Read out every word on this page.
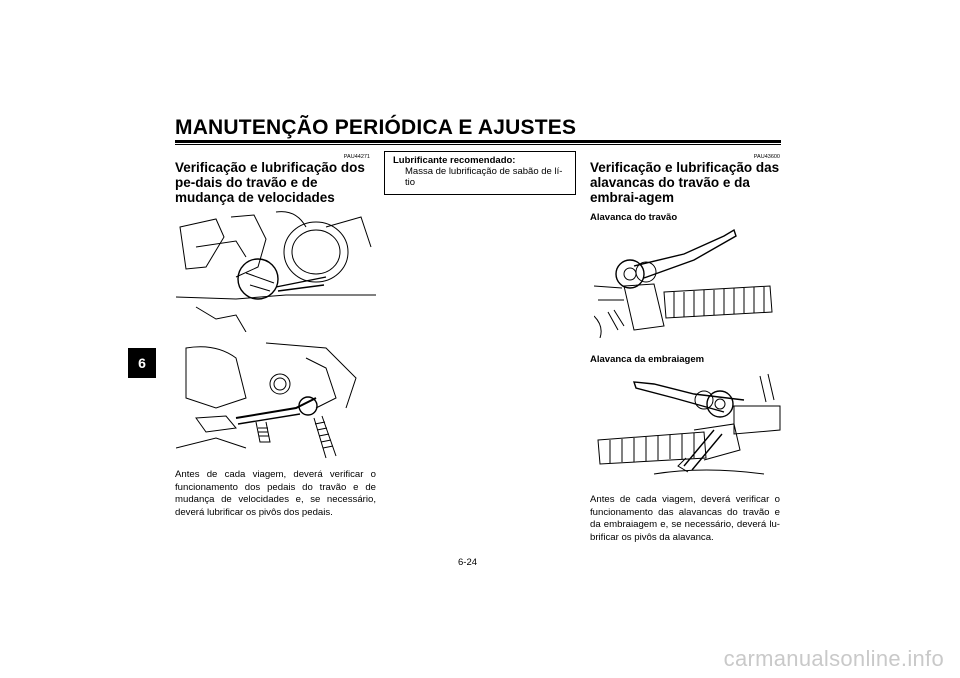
MANUTENÇÃO PERIÓDICA E AJUSTES
6
PAU44271
Verificação e lubrificação dos pe-dais do travão e de mudança de velocidades
Antes de cada viagem, deverá verificar o funcionamento dos pedais do travão e de mudança de velocidades e, se necessário, deverá lubrificar os pivôs dos pedais.
Lubrificante recomendado:
Massa de lubrificação de sabão de lí-tio
PAU43600
Verificação e lubrificação das alavancas do travão e da embrai-agem
Alavanca do travão
Alavanca da embraiagem
Antes de cada viagem, deverá verificar o funcionamento das alavancas do travão e da embraiagem e, se necessário, deverá lu-brificar os pivôs da alavanca.
6-24
carmanualsonline.info
